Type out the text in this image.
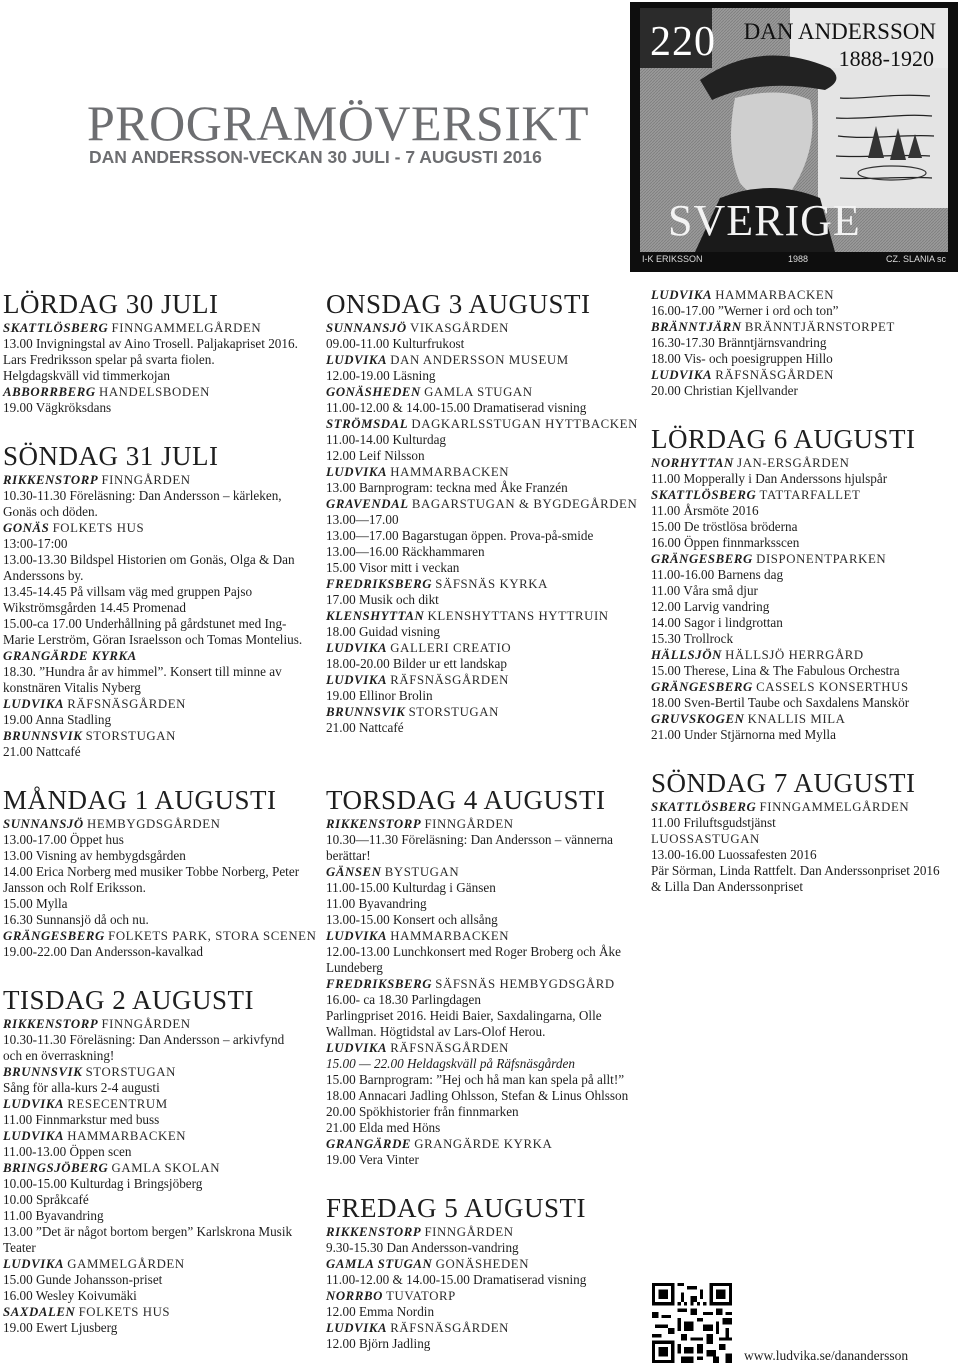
PROGRAMÖVERSIKT
DAN ANDERSSON-VECKAN 30 JULI - 7 AUGUSTI 2016
220 DAN ANDERSSON
1888-1920
SVERIGE
I-K ERIKSSON	1988	CZ. SLANIA sc
LÖRDAG 30 JULI
SKATTLÖSBERG FINNGAMMELGÅRDEN
13.00 Invigningstal av Aino Trosell. Paljakapriset 2016.
Lars Fredriksson spelar på svarta fiolen.
Helgdagskväll vid timmerkojan
ABBORRBERG HANDELSBODEN
19.00 Vägkröksdans
SÖNDAG 31 JULI
RIKKENSTORP FINNGÅRDEN
10.30-11.30 Föreläsning: Dan Andersson – kärleken,
Gonäs och döden.
GONÄS FOLKETS HUS
13:00-17:00
13.00-13.30 Bildspel Historien om Gonäs, Olga & Dan
Anderssons by.
13.45-14.45 På villsam väg med gruppen Pajso
Wikströmsgården 14.45 Promenad
15.00-ca 17.00 Underhållning på gårdstunet med Ing-
Marie Lerström, Göran Israelsson och Tomas Montelius.
GRANGÄRDE KYRKA
18.30. ”Hundra år av himmel”. Konsert till minne av
konstnären Vitalis Nyberg
LUDVIKA RÄFSNÄSGÅRDEN
19.00 Anna Stadling
BRUNNSVIK STORSTUGAN
21.00 Nattcafé
MÅNDAG 1 AUGUSTI
SUNNANSJÖ HEMBYGDSGÅRDEN
13.00-17.00 Öppet hus
13.00 Visning av hembygdsgården
14.00 Erica Norberg med musiker Tobbe Norberg, Peter
Jansson och Rolf Eriksson.
15.00 Mylla
16.30 Sunnansjö då och nu.
GRÄNGESBERG FOLKETS PARK, STORA SCENEN
19.00-22.00 Dan Andersson-kavalkad
TISDAG 2 AUGUSTI
RIKKENSTORP FINNGÅRDEN
10.30-11.30 Föreläsning: Dan Andersson – arkivfynd
och en överraskning!
BRUNNSVIK STORSTUGAN
Sång för alla-kurs 2-4 augusti
LUDVIKA RESECENTRUM
11.00 Finnmarkstur med buss
LUDVIKA HAMMARBACKEN
11.00-13.00 Öppen scen
BRINGSJÖBERG GAMLA SKOLAN
10.00-15.00 Kulturdag i Bringsjöberg
10.00 Språkcafé
11.00 Byavandring
13.00 ”Det är något bortom bergen” Karlskrona Musik
Teater
LUDVIKA GAMMELGÅRDEN
15.00 Gunde Johansson-priset
16.00 Wesley Koivumäki
SAXDALEN FOLKETS HUS
19.00 Ewert Ljusberg
ONSDAG 3 AUGUSTI
SUNNANSJÖ VIKASGÅRDEN
09.00-11.00 Kulturfrukost
LUDVIKA DAN ANDERSSON MUSEUM
12.00-19.00 Läsning
GONÄSHEDEN GAMLA STUGAN
11.00-12.00 & 14.00-15.00 Dramatiserad visning
STRÖMSDAL DAGKARLSSTUGAN HYTTBACKEN
11.00-14.00 Kulturdag
12.00 Leif Nilsson
LUDVIKA HAMMARBACKEN
13.00 Barnprogram: teckna med Åke Franzén
GRAVENDAL BAGARSTUGAN & BYGDEGÅRDEN
13.00—17.00
13.00—17.00 Bagarstugan öppen. Prova-på-smide
13.00—16.00 Räckhammaren
15.00 Visor mitt i veckan
FREDRIKSBERG SÄFSNÄS KYRKA
17.00 Musik och dikt
KLENSHYTTAN KLENSHYTTANS HYTTRUIN
18.00 Guidad visning
LUDVIKA GALLERI CREATIO
18.00-20.00 Bilder ur ett landskap
LUDVIKA RÄFSNÄSGÅRDEN
19.00 Ellinor Brolin
BRUNNSVIK STORSTUGAN
21.00 Nattcafé
TORSDAG 4 AUGUSTI
RIKKENSTORP FINNGÅRDEN
10.30—11.30 Föreläsning: Dan Andersson – vännerna
berättar!
GÄNSEN BYSTUGAN
11.00-15.00 Kulturdag i Gänsen
11.00 Byavandring
13.00-15.00 Konsert och allsång
LUDVIKA HAMMARBACKEN
12.00-13.00 Lunchkonsert med Roger Broberg och Åke
Lundeberg
FREDRIKSBERG SÄFSNÄS HEMBYGDSGÅRD
16.00- ca 18.30 Parlingdagen
Parlingpriset 2016. Heidi Baier, Saxdalingarna, Olle
Wallman. Högtidstal av Lars-Olof Herou.
LUDVIKA RÄFSNÄSGÅRDEN
15.00 — 22.00 Heldagskväll på Räfsnäsgården
15.00 Barnprogram: ”Hej och hå man kan spela på allt!”
18.00 Annacari Jadling Ohlsson, Stefan & Linus Ohlsson
20.00 Spökhistorier från finnmarken
21.00 Elda med Höns
GRANGÄRDE GRANGÄRDE KYRKA
19.00 Vera Vinter
FREDAG 5 AUGUSTI
RIKKENSTORP FINNGÅRDEN
9.30-15.30 Dan Andersson-vandring
GAMLA STUGAN GONÄSHEDEN
11.00-12.00 & 14.00-15.00 Dramatiserad visning
NORRBO TUVATORP
12.00 Emma Nordin
LUDVIKA RÄFSNÄSGÅRDEN
12.00 Björn Jadling
LUDVIKA HAMMARBACKEN
16.00-17.00 ”Werner i ord och ton”
BRÄNNTJÄRN BRÄNNTJÄRNSTORPET
16.30-17.30 Bränntjärnsvandring
18.00 Vis- och poesigruppen Hillo
LUDVIKA RÄFSNÄSGÅRDEN
20.00 Christian Kjellvander
LÖRDAG 6 AUGUSTI
NORHYTTAN JAN-ERSGÅRDEN
11.00 Mopperally i Dan Anderssons hjulspår
SKATTLÖSBERG TATTARFALLET
11.00 Årsmöte 2016
15.00 De tröstlösa bröderna
16.00 Öppen finnmarksscen
GRÄNGESBERG DISPONENTPARKEN
11.00-16.00 Barnens dag
11.00 Våra små djur
12.00 Larvig vandring
14.00 Sagor i lindgrottan
15.30 Trollrock
HÄLLSJÖN HÄLLSJÖ HERRGÅRD
15.00 Therese, Lina & The Fabulous Orchestra
GRÄNGESBERG CASSELS KONSERTHUS
18.00 Sven-Bertil Taube och Saxdalens Manskör
GRUVSKOGEN KNALLIS MILA
21.00 Under Stjärnorna med Mylla
SÖNDAG 7 AUGUSTI
SKATTLÖSBERG FINNGAMMELGÅRDEN
11.00 Friluftsgudstjänst
LUOSSASTUGAN
13.00-16.00 Luossafesten 2016
Pär Sörman, Linda Rattfelt. Dan Anderssonpriset 2016
& Lilla Dan Anderssonpriset
www.ludvika.se/danandersson
